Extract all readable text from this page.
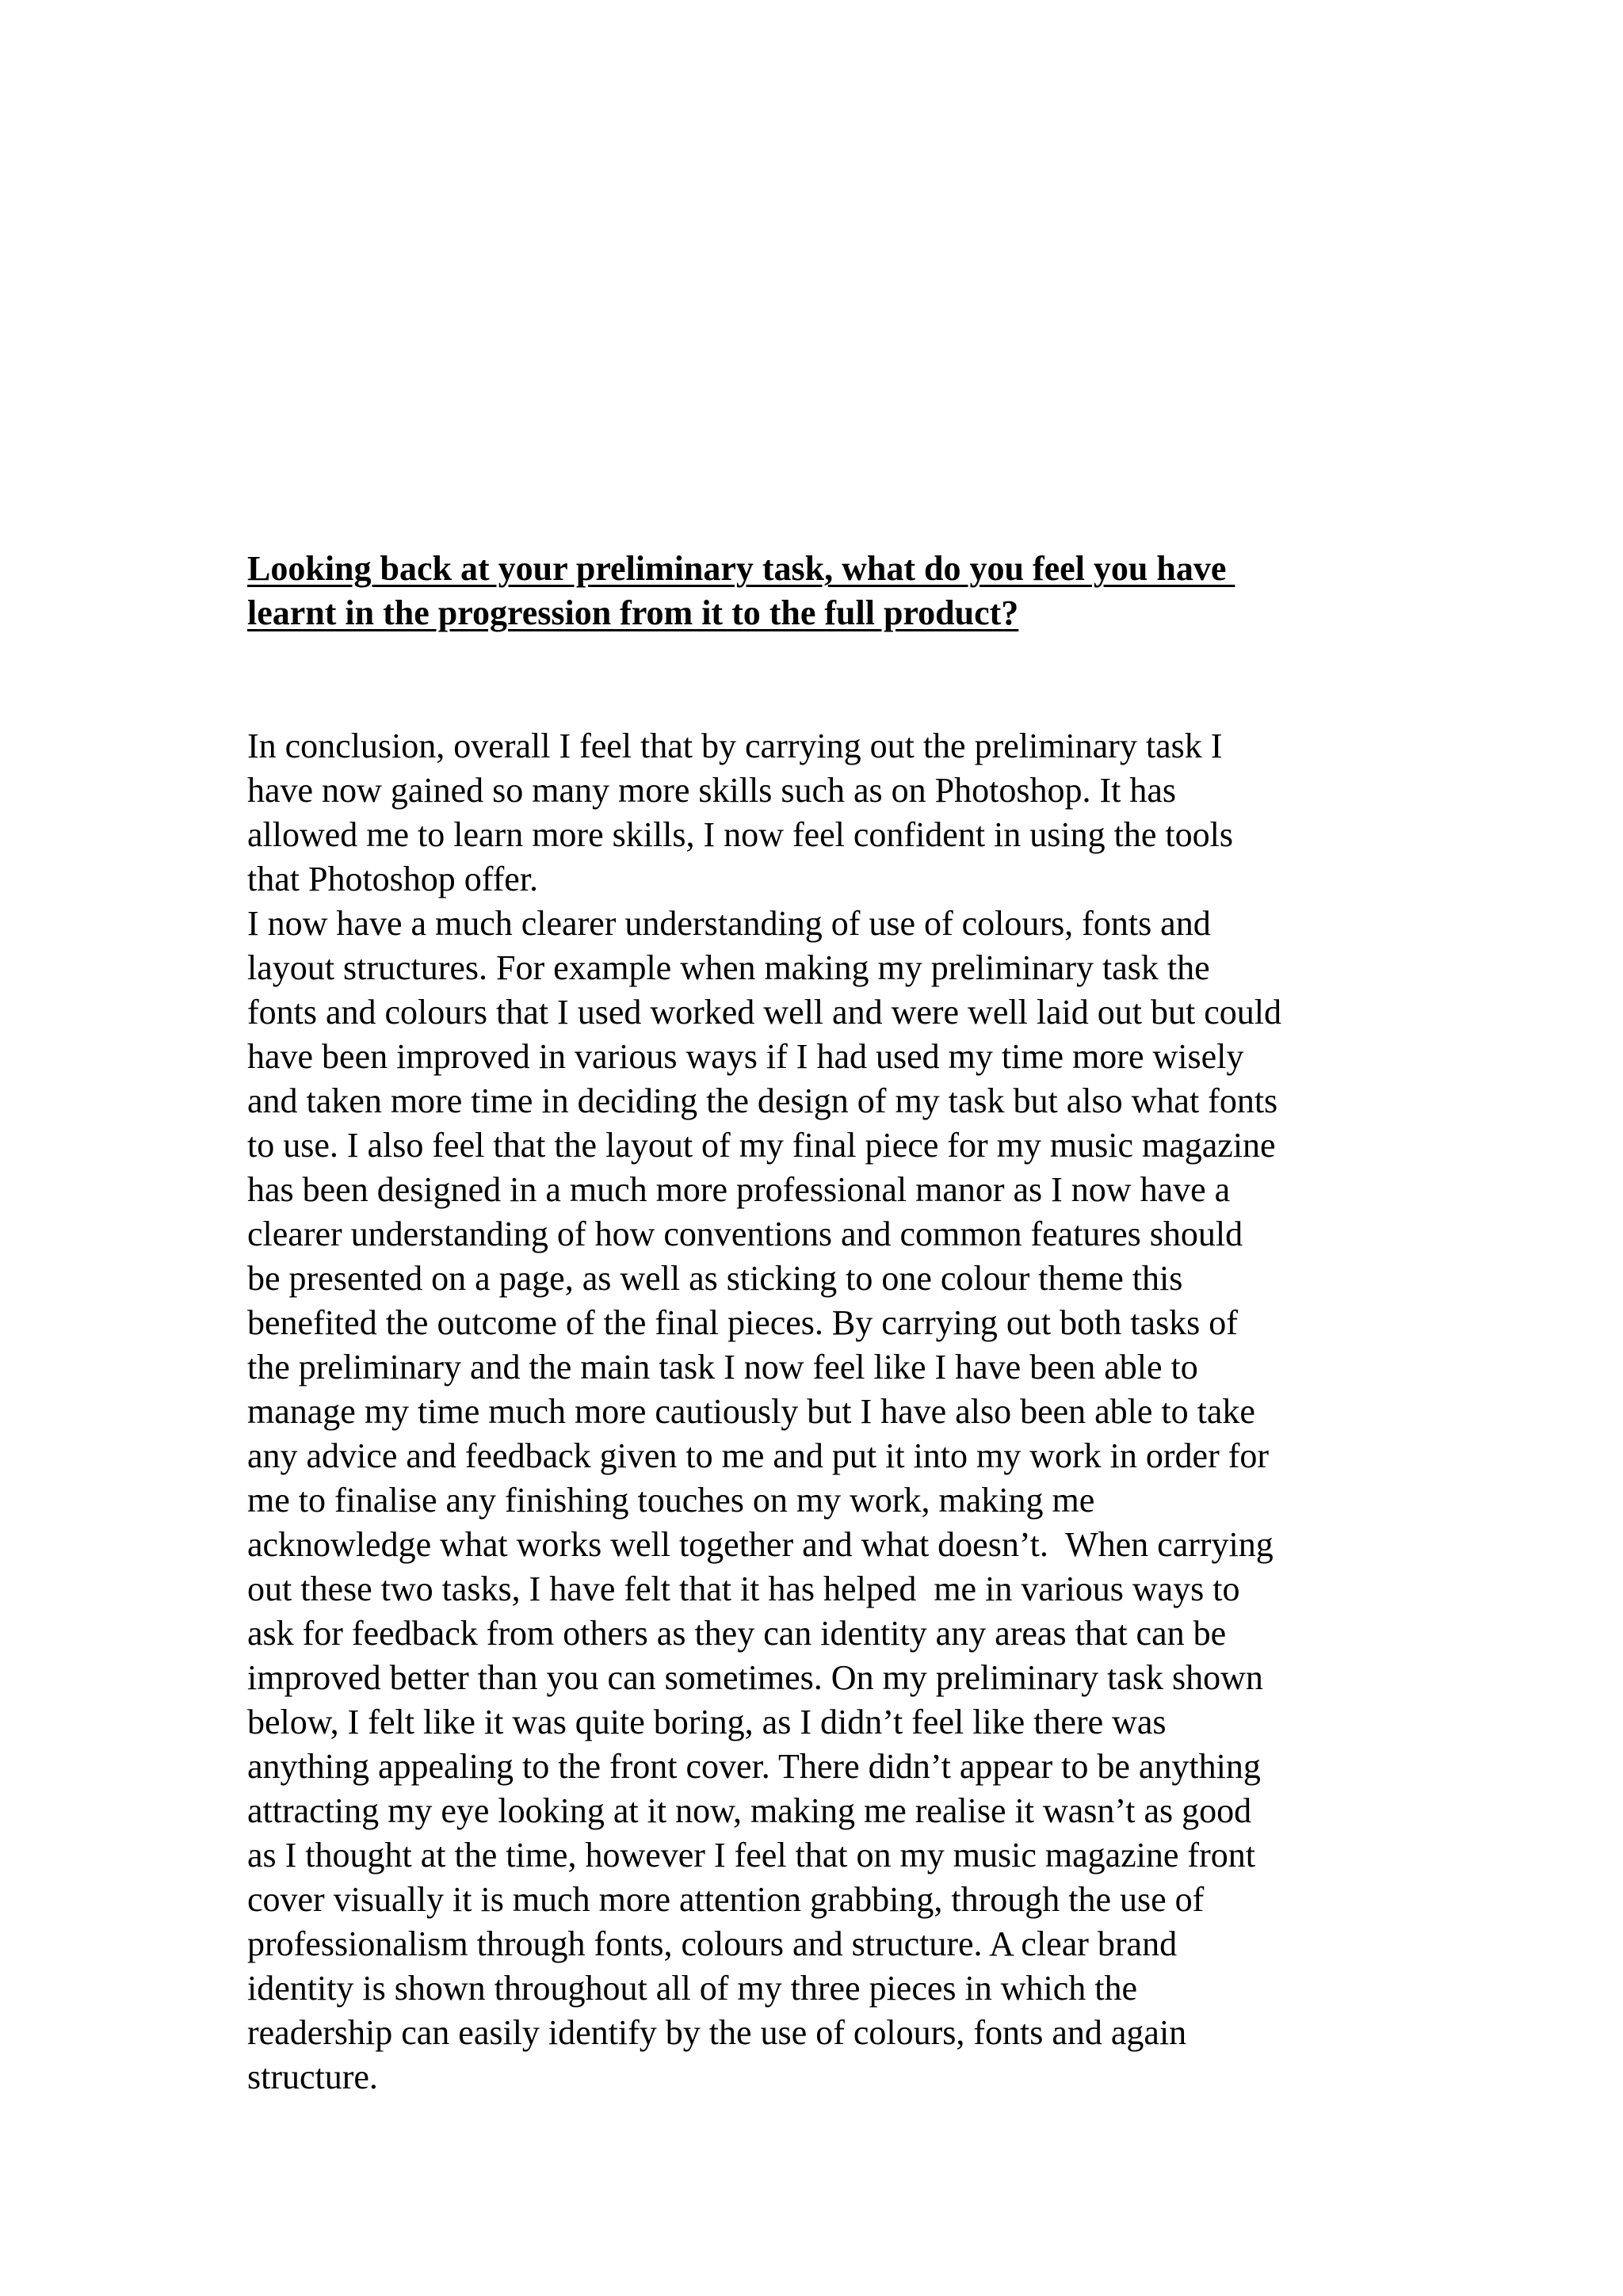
Looking back at your preliminary task, what do you feel you have
learnt in the progression from it to the full product?
In conclusion, overall I feel that by carrying out the preliminary task I
have now gained so many more skills such as on Photoshop. It has
allowed me to learn more skills, I now feel confident in using the tools
that Photoshop offer.
I now have a much clearer understanding of use of colours, fonts and
layout structures. For example when making my preliminary task the
fonts and colours that I used worked well and were well laid out but could
have been improved in various ways if I had used my time more wisely
and taken more time in deciding the design of my task but also what fonts
to use. I also feel that the layout of my final piece for my music magazine
has been designed in a much more professional manor as I now have a
clearer understanding of how conventions and common features should
be presented on a page, as well as sticking to one colour theme this
benefited the outcome of the final pieces. By carrying out both tasks of
the preliminary and the main task I now feel like I have been able to
manage my time much more cautiously but I have also been able to take
any advice and feedback given to me and put it into my work in order for
me to finalise any finishing touches on my work, making me
acknowledge what works well together and what doesn’t.  When carrying
out these two tasks, I have felt that it has helped  me in various ways to
ask for feedback from others as they can identity any areas that can be
improved better than you can sometimes. On my preliminary task shown
below, I felt like it was quite boring, as I didn’t feel like there was
anything appealing to the front cover. There didn’t appear to be anything
attracting my eye looking at it now, making me realise it wasn’t as good
as I thought at the time, however I feel that on my music magazine front
cover visually it is much more attention grabbing, through the use of
professionalism through fonts, colours and structure. A clear brand
identity is shown throughout all of my three pieces in which the
readership can easily identify by the use of colours, fonts and again
structure.
